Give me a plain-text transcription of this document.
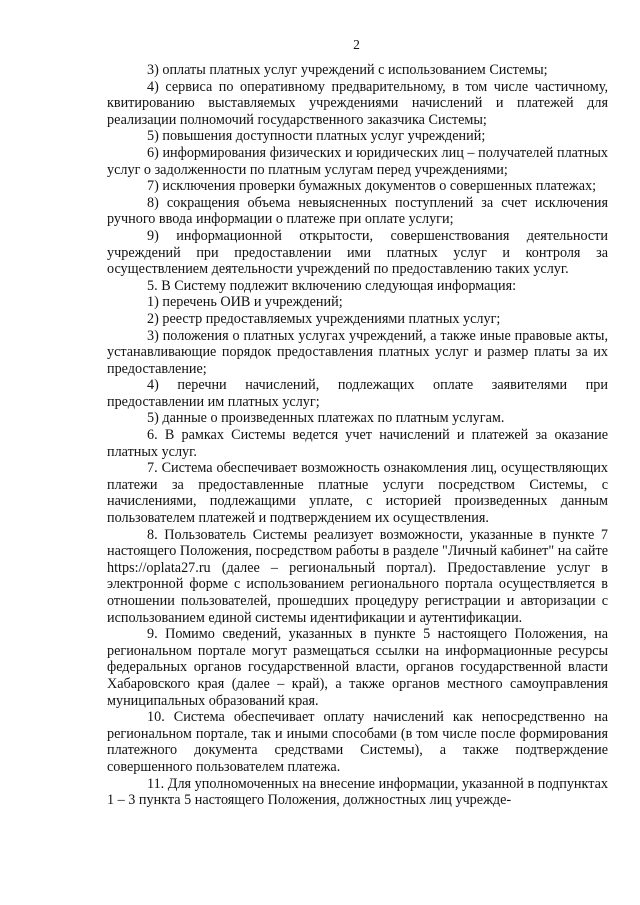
2

3) оплаты платных услуг учреждений с использованием Системы;

4) сервиса по оперативному предварительному, в том числе частичному, квитированию выставляемых учреждениями начислений и платежей для реализации полномочий государственного заказчика Системы;

5) повышения доступности платных услуг учреждений;

6) информирования физических и юридических лиц – получателей платных услуг о задолженности по платным услугам перед учреждениями;

7) исключения проверки бумажных документов о совершенных платежах;

8) сокращения объема невыясненных поступлений за счет исключения ручного ввода информации о платеже при оплате услуги;

9) информационной открытости, совершенствования деятельности учреждений при предоставлении ими платных услуг и контроля за осуществлением деятельности учреждений по предоставлению таких услуг.

5. В Систему подлежит включению следующая информация:

1) перечень ОИВ и учреждений;

2) реестр предоставляемых учреждениями платных услуг;

3) положения о платных услугах учреждений, а также иные правовые акты, устанавливающие порядок предоставления платных услуг и размер платы за их предоставление;

4) перечни начислений, подлежащих оплате заявителями при предоставлении им платных услуг;

5) данные о произведенных платежах по платным услугам.

6. В рамках Системы ведется учет начислений и платежей за оказание платных услуг.

7. Система обеспечивает возможность ознакомления лиц, осуществляющих платежи за предоставленные платные услуги посредством Системы, с начислениями, подлежащими уплате, с историей произведенных данным пользователем платежей и подтверждением их осуществления.

8. Пользователь Системы реализует возможности, указанные в пункте 7 настоящего Положения, посредством работы в разделе "Личный кабинет" на сайте https://oplata27.ru (далее – региональный портал). Предоставление услуг в электронной форме с использованием регионального портала осуществляется в отношении пользователей, прошедших процедуру регистрации и авторизации с использованием единой системы идентификации и аутентификации.

9. Помимо сведений, указанных в пункте 5 настоящего Положения, на региональном портале могут размещаться ссылки на информационные ресурсы федеральных органов государственной власти, органов государственной власти Хабаровского края (далее – край), а также органов местного самоуправления муниципальных образований края.

10. Система обеспечивает оплату начислений как непосредственно на региональном портале, так и иными способами (в том числе после формирования платежного документа средствами Системы), а также подтверждение совершенного пользователем платежа.

11. Для уполномоченных на внесение информации, указанной в подпунктах 1 – 3 пункта 5 настоящего Положения, должностных лиц учрежде-
